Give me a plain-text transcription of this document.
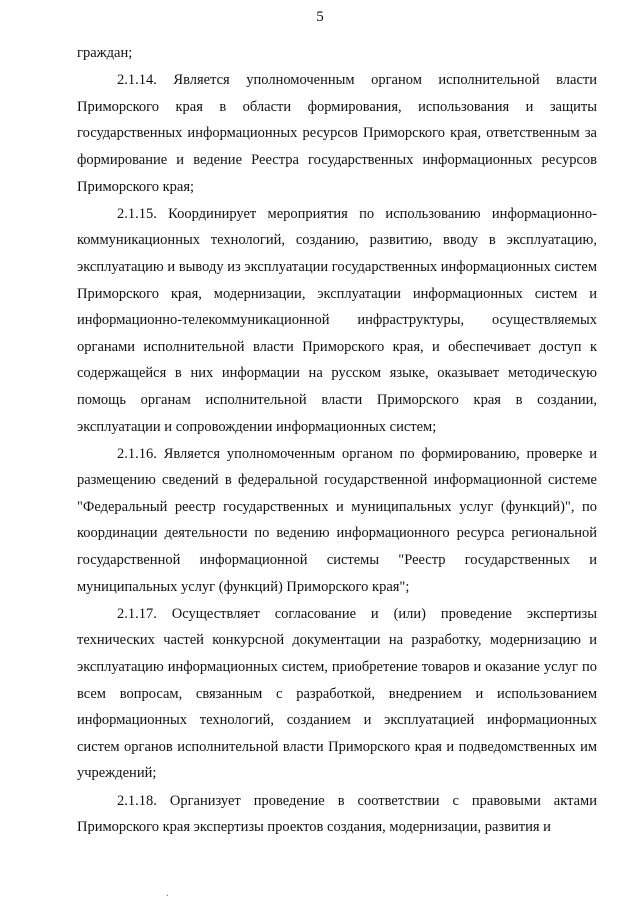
5

граждан;

2.1.14. Является уполномоченным органом исполнительной власти Приморского края в области формирования, использования и защиты государственных информационных ресурсов Приморского края, ответственным за формирование и ведение Реестра государственных информационных ресурсов Приморского края;

2.1.15. Координирует мероприятия по использованию информационно-коммуникационных технологий, созданию, развитию, вводу в эксплуатацию, эксплуатацию и выводу из эксплуатации государственных информационных систем Приморского края, модернизации, эксплуатации информационных систем и информационно-телекоммуникационной инфраструктуры, осуществляемых органами исполнительной власти Приморского края, и обеспечивает доступ к содержащейся в них информации на русском языке, оказывает методическую помощь органам исполнительной власти Приморского края в создании, эксплуатации и сопровождении информационных систем;

2.1.16. Является уполномоченным органом по формированию, проверке и размещению сведений в федеральной государственной информационной системе "Федеральный реестр государственных и муниципальных услуг (функций)", по координации деятельности по ведению информационного ресурса региональной государственной информационной системы "Реестр государственных и муниципальных услуг (функций) Приморского края";

2.1.17. Осуществляет согласование и (или) проведение экспертизы технических частей конкурсной документации на разработку, модернизацию и эксплуатацию информационных систем, приобретение товаров и оказание услуг по всем вопросам, связанным с разработкой, внедрением и использованием информационных технологий, созданием и эксплуатацией информационных систем органов исполнительной власти Приморского края и подведомственных им учреждений;

2.1.18. Организует проведение в соответствии с правовыми актами Приморского края экспертизы проектов создания, модернизации, развития и

.
